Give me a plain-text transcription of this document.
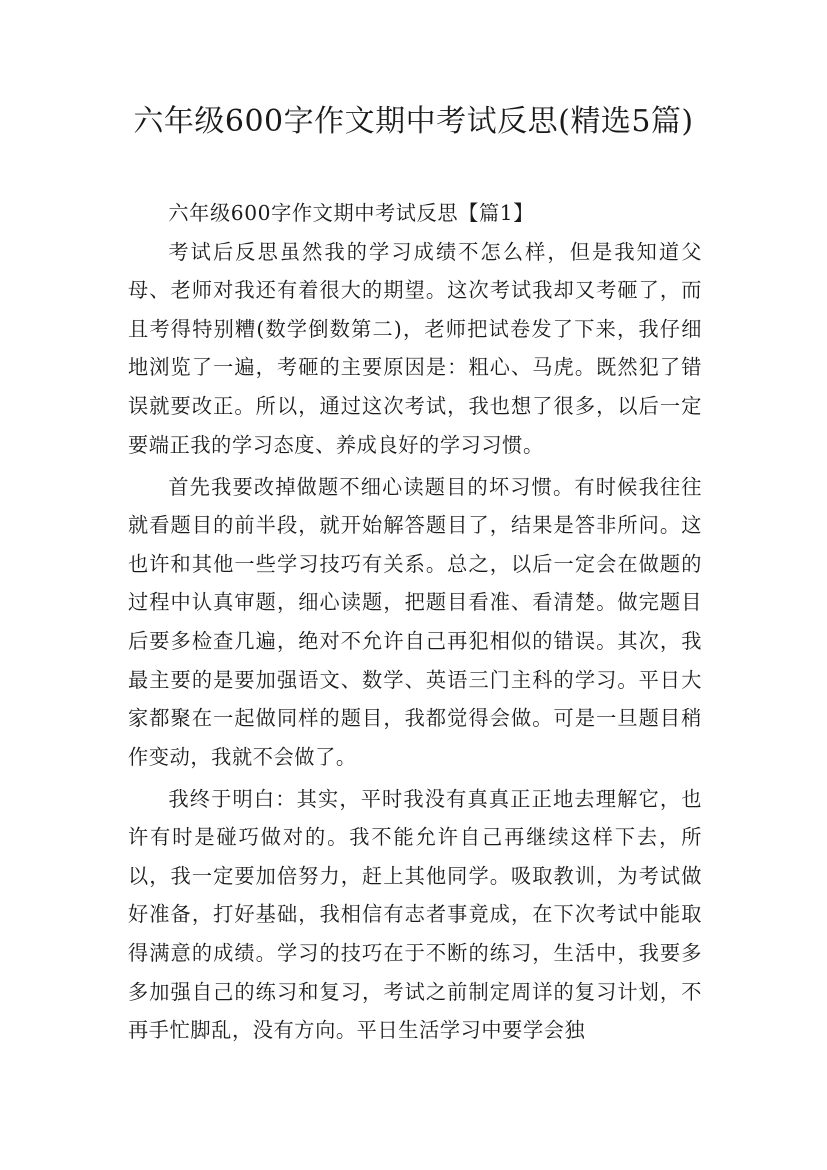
六年级600字作文期中考试反思(精选5篇)

六年级600字作文期中考试反思【篇1】

考试后反思虽然我的学习成绩不怎么样，但是我知道父母、老师对我还有着很大的期望。这次考试我却又考砸了，而且考得特别糟(数学倒数第二)，老师把试卷发了下来，我仔细地浏览了一遍，考砸的主要原因是：粗心、马虎。既然犯了错误就要改正。所以，通过这次考试，我也想了很多，以后一定要端正我的学习态度、养成良好的学习习惯。

首先我要改掉做题不细心读题目的坏习惯。有时候我往往就看题目的前半段，就开始解答题目了，结果是答非所问。这也许和其他一些学习技巧有关系。总之，以后一定会在做题的过程中认真审题，细心读题，把题目看准、看清楚。做完题目后要多检查几遍，绝对不允许自己再犯相似的错误。其次，我最主要的是要加强语文、数学、英语三门主科的学习。平日大家都聚在一起做同样的题目，我都觉得会做。可是一旦题目稍作变动，我就不会做了。

我终于明白：其实，平时我没有真真正正地去理解它，也许有时是碰巧做对的。我不能允许自己再继续这样下去，所以，我一定要加倍努力，赶上其他同学。吸取教训，为考试做好准备，打好基础，我相信有志者事竟成，在下次考试中能取得满意的成绩。学习的技巧在于不断的练习，生活中，我要多多加强自己的练习和复习，考试之前制定周详的复习计划，不再手忙脚乱，没有方向。平日生活学习中要学会独
